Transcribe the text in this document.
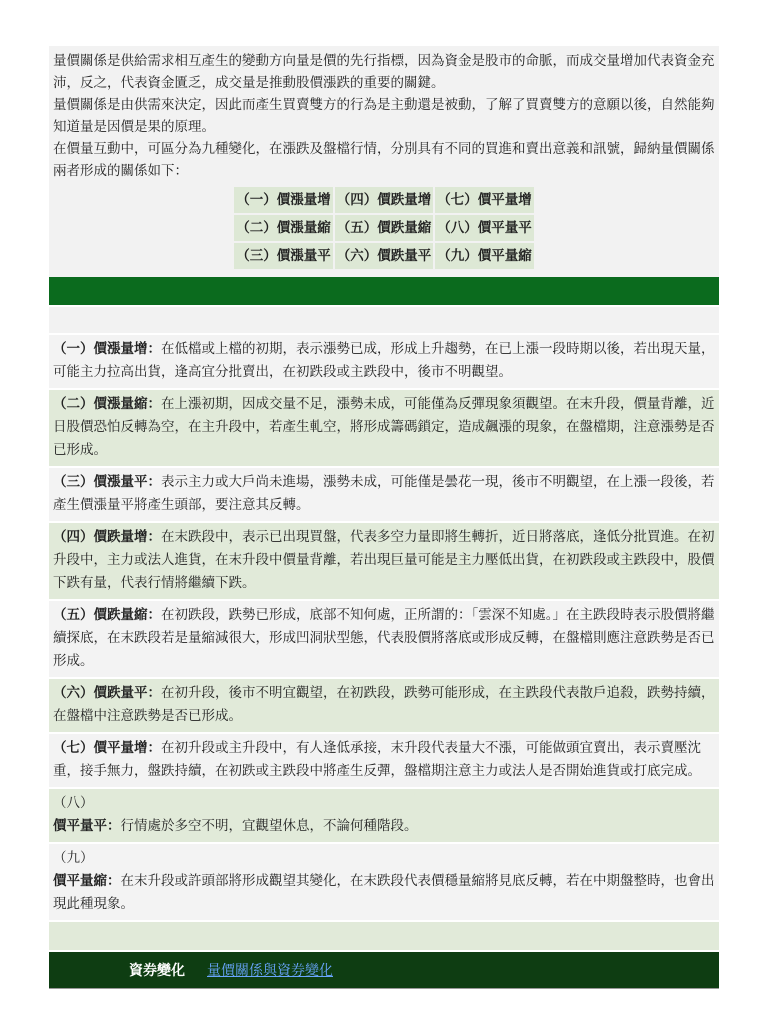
量價關係是供給需求相互產生的變動方向量是價的先行指標，因為資金是股市的命脈，而成交量增加代表資金充沛，反之，代表資金匱乏，成交量是推動股價漲跌的重要的關鍵。

量價關係是由供需來決定，因此而產生買賣雙方的行為是主動還是被動，了解了買賣雙方的意願以後，自然能夠知道量是因價是果的原理。

在價量互動中，可區分為九種變化，在漲跌及盤檔行情，分別具有不同的買進和賣出意義和訊號，歸納量價關係兩者形成的關係如下：

（一）價漲量增	（四）價跌量增	（七）價平量增
（二）價漲量縮	（五）價跌量縮	（八）價平量平
（三）價漲量平	（六）價跌量平	（九）價平量縮
（一）價漲量增：在低檔或上檔的初期，表示漲勢已成，形成上升趨勢，在已上漲一段時期以後，若出現天量，可能主力拉高出貨，逢高宜分批賣出，在初跌段或主跌段中，後市不明觀望。
（二）價漲量縮：在上漲初期，因成交量不足，漲勢未成，可能僅為反彈現象須觀望。在末升段，價量背離，近日股價恐怕反轉為空，在主升段中，若產生軋空，將形成籌碼鎖定，造成飆漲的現象，在盤檔期，注意漲勢是否已形成。
（三）價漲量平：表示主力或大戶尚未進場，漲勢未成，可能僅是曇花一現，後市不明觀望，在上漲一段後，若產生價漲量平將產生頭部，要注意其反轉。
（四）價跌量增：在末跌段中，表示已出現買盤，代表多空力量即將生轉折，近日將落底，逢低分批買進。在初升段中，主力或法人進貨，在末升段中價量背離，若出現巨量可能是主力壓低出貨，在初跌段或主跌段中，股價下跌有量，代表行情將繼續下跌。
（五）價跌量縮：在初跌段，跌勢已形成，底部不知何處，正所謂的：「雲深不知處。」在主跌段時表示股價將繼續探底，在末跌段若是量縮減很大，形成凹洞狀型態，代表股價將落底或形成反轉，在盤檔則應注意跌勢是否已形成。
（六）價跌量平：在初升段，後市不明宜觀望，在初跌段，跌勢可能形成，在主跌段代表散戶追殺，跌勢持續，在盤檔中注意跌勢是否已形成。
（七）價平量增：在初升段或主升段中，有人逢低承接，末升段代表量大不漲，可能做頭宜賣出，表示賣壓沈重，接手無力，盤跌持續，在初跌或主跌段中將產生反彈，盤檔期注意主力或法人是否開始進貨或打底完成。
（八）
價平量平：行情處於多空不明，宜觀望休息，不論何種階段。
（九）
價平量縮：在末升段或許頭部將形成觀望其變化，在末跌段代表價穩量縮將見底反轉，若在中期盤整時，也會出現此種現象。
資券變化 量價關係與資券變化
